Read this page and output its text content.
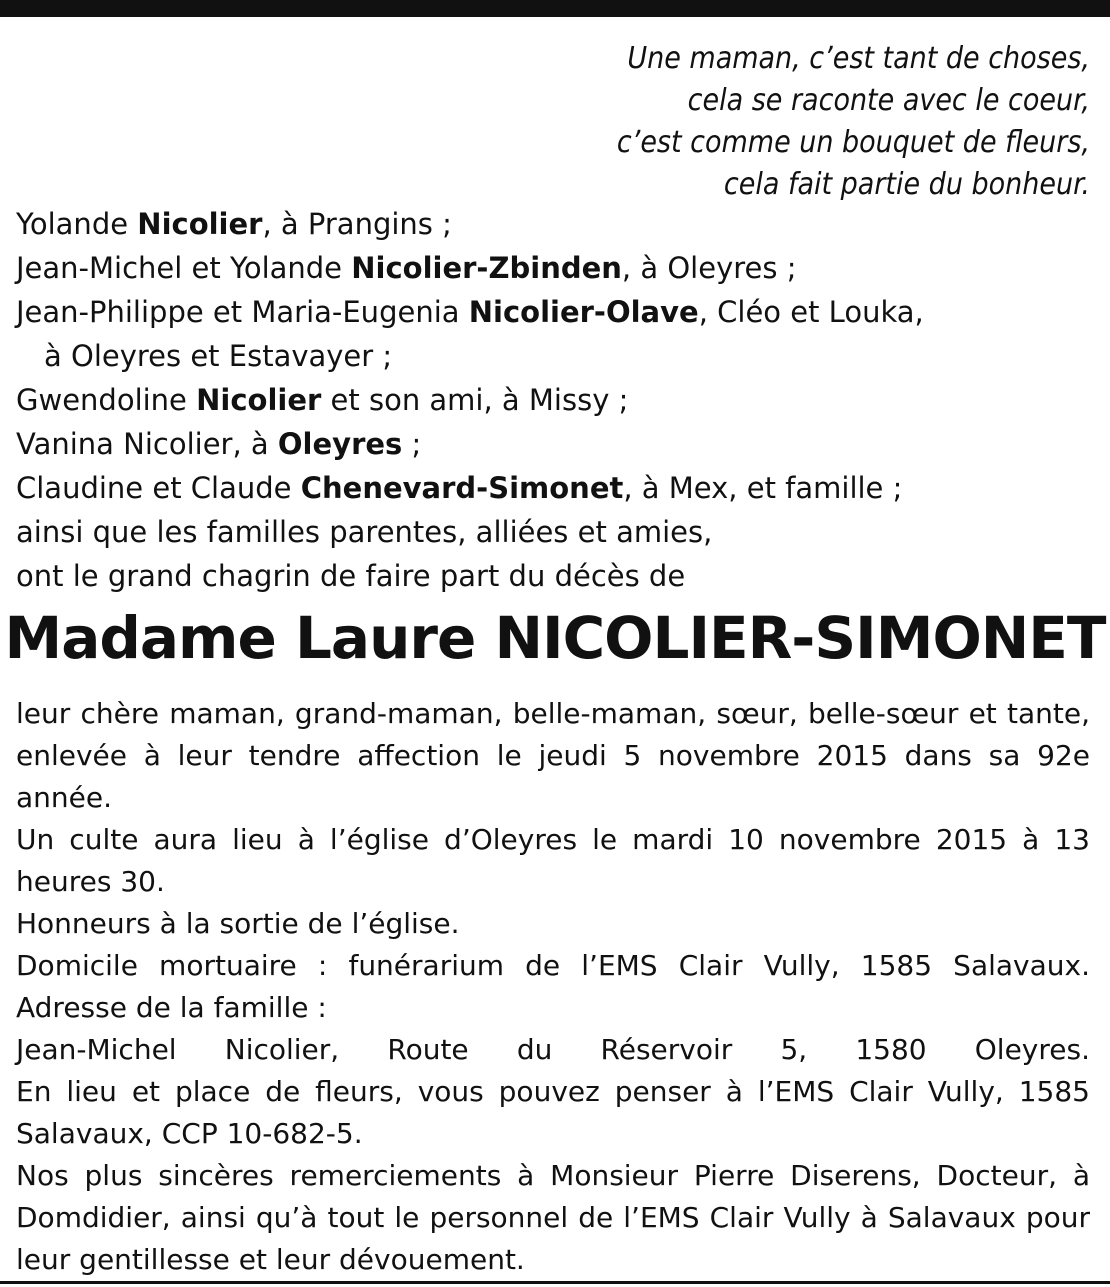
Une maman, c’est tant de choses,
cela se raconte avec le coeur,
c’est comme un bouquet de fleurs,
cela fait partie du bonheur.
Yolande Nicolier, à Prangins ;
Jean-Michel et Yolande Nicolier-Zbinden, à Oleyres ;
Jean-Philippe et Maria-Eugenia Nicolier-Olave, Cléo et Louka,
à Oleyres et Estavayer ;
Gwendoline Nicolier et son ami, à Missy ;
Vanina Nicolier, à Oleyres ;
Claudine et Claude Chenevard-Simonet, à Mex, et famille ;
ainsi que les familles parentes, alliées et amies,
ont le grand chagrin de faire part du décès de
Madame Laure NICOLIER-SIMONET
leur chère maman, grand-maman, belle-maman, sœur, belle-sœur et tante, enlevée à leur tendre affection le jeudi 5 novembre 2015 dans sa 92e année.
Un culte aura lieu à l’église d’Oleyres le mardi 10 novembre 2015 à 13 heures 30.
Honneurs à la sortie de l’église.
Domicile mortuaire : funérarium de l’EMS Clair Vully, 1585 Salavaux.
Adresse de la famille :
Jean-Michel Nicolier, Route du Réservoir 5, 1580 Oleyres.
En lieu et place de fleurs, vous pouvez penser à l’EMS Clair Vully, 1585 Salavaux, CCP 10-682-5.
Nos plus sincères remerciements à Monsieur Pierre Diserens, Docteur, à Domdidier, ainsi qu’à tout le personnel de l’EMS Clair Vully à Salavaux pour leur gentillesse et leur dévouement.
